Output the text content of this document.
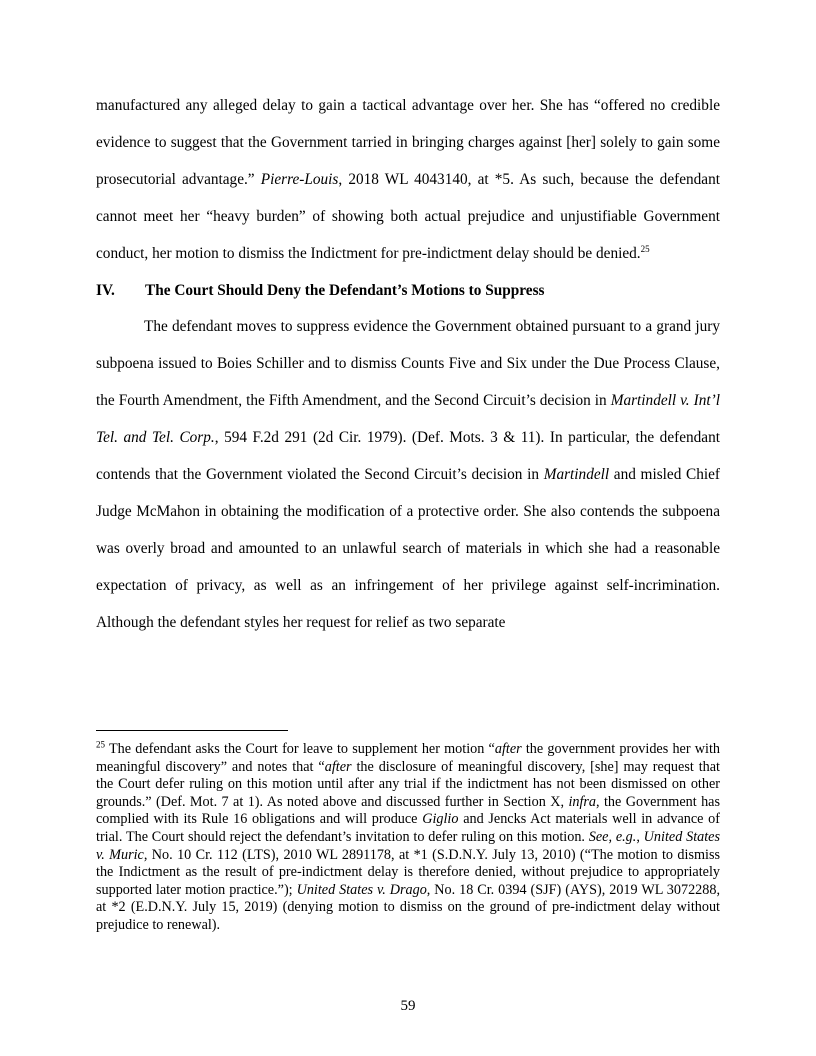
manufactured any alleged delay to gain a tactical advantage over her. She has “offered no credible evidence to suggest that the Government tarried in bringing charges against [her] solely to gain some prosecutorial advantage.” Pierre-Louis, 2018 WL 4043140, at *5. As such, because the defendant cannot meet her “heavy burden” of showing both actual prejudice and unjustifiable Government conduct, her motion to dismiss the Indictment for pre-indictment delay should be denied.$^{25}$

IV.	The Court Should Deny the Defendant’s Motions to Suppress

The defendant moves to suppress evidence the Government obtained pursuant to a grand jury subpoena issued to Boies Schiller and to dismiss Counts Five and Six under the Due Process Clause, the Fourth Amendment, the Fifth Amendment, and the Second Circuit’s decision in Martindell v. Int’l Tel. and Tel. Corp., 594 F.2d 291 (2d Cir. 1979). (Def. Mots. 3 & 11). In particular, the defendant contends that the Government violated the Second Circuit’s decision in Martindell and misled Chief Judge McMahon in obtaining the modification of a protective order. She also contends the subpoena was overly broad and amounted to an unlawful search of materials in which she had a reasonable expectation of privacy, as well as an infringement of her privilege against self-incrimination. Although the defendant styles her request for relief as two separate

$^{25}$ The defendant asks the Court for leave to supplement her motion “after the government provides her with meaningful discovery” and notes that “after the disclosure of meaningful discovery, [she] may request that the Court defer ruling on this motion until after any trial if the indictment has not been dismissed on other grounds.” (Def. Mot. 7 at 1). As noted above and discussed further in Section X, infra, the Government has complied with its Rule 16 obligations and will produce Giglio and Jencks Act materials well in advance of trial. The Court should reject the defendant’s invitation to defer ruling on this motion. See, e.g., United States v. Muric, No. 10 Cr. 112 (LTS), 2010 WL 2891178, at *1 (S.D.N.Y. July 13, 2010) (“The motion to dismiss the Indictment as the result of pre-indictment delay is therefore denied, without prejudice to appropriately supported later motion practice.”); United States v. Drago, No. 18 Cr. 0394 (SJF) (AYS), 2019 WL 3072288, at *2 (E.D.N.Y. July 15, 2019) (denying motion to dismiss on the ground of pre-indictment delay without prejudice to renewal).

59
